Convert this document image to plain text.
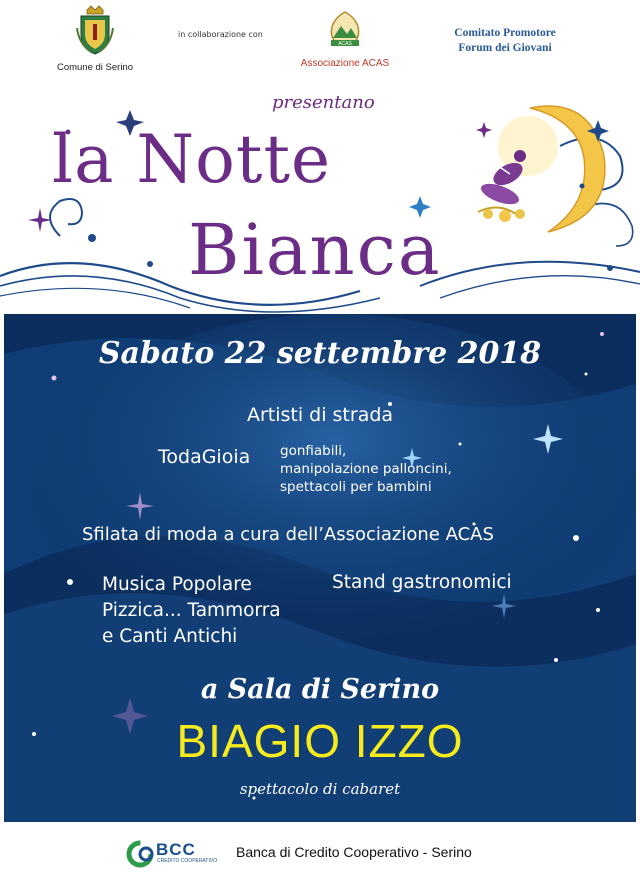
Comune di Serino
in collaborazione con
ACAS
Associazione ACAS
Comitato Promotore
Forum dei Giovani
presentano
la Notte
Bianca
Sabato 22 settembre 2018
Artisti di strada
TodaGioia gonfiabili,
manipolazione palloncini,
spettacoli per bambini
Sfilata di moda a cura dell’Associazione ACAS
Musica Popolare
Pizzica... Tammorra
e Canti Antichi
Stand gastronomici
a Sala di Serino
BIAGIO IZZO
spettacolo di cabaret
BCC
CREDITO COOPERATIVO
Banca di Credito Cooperativo - Serino
